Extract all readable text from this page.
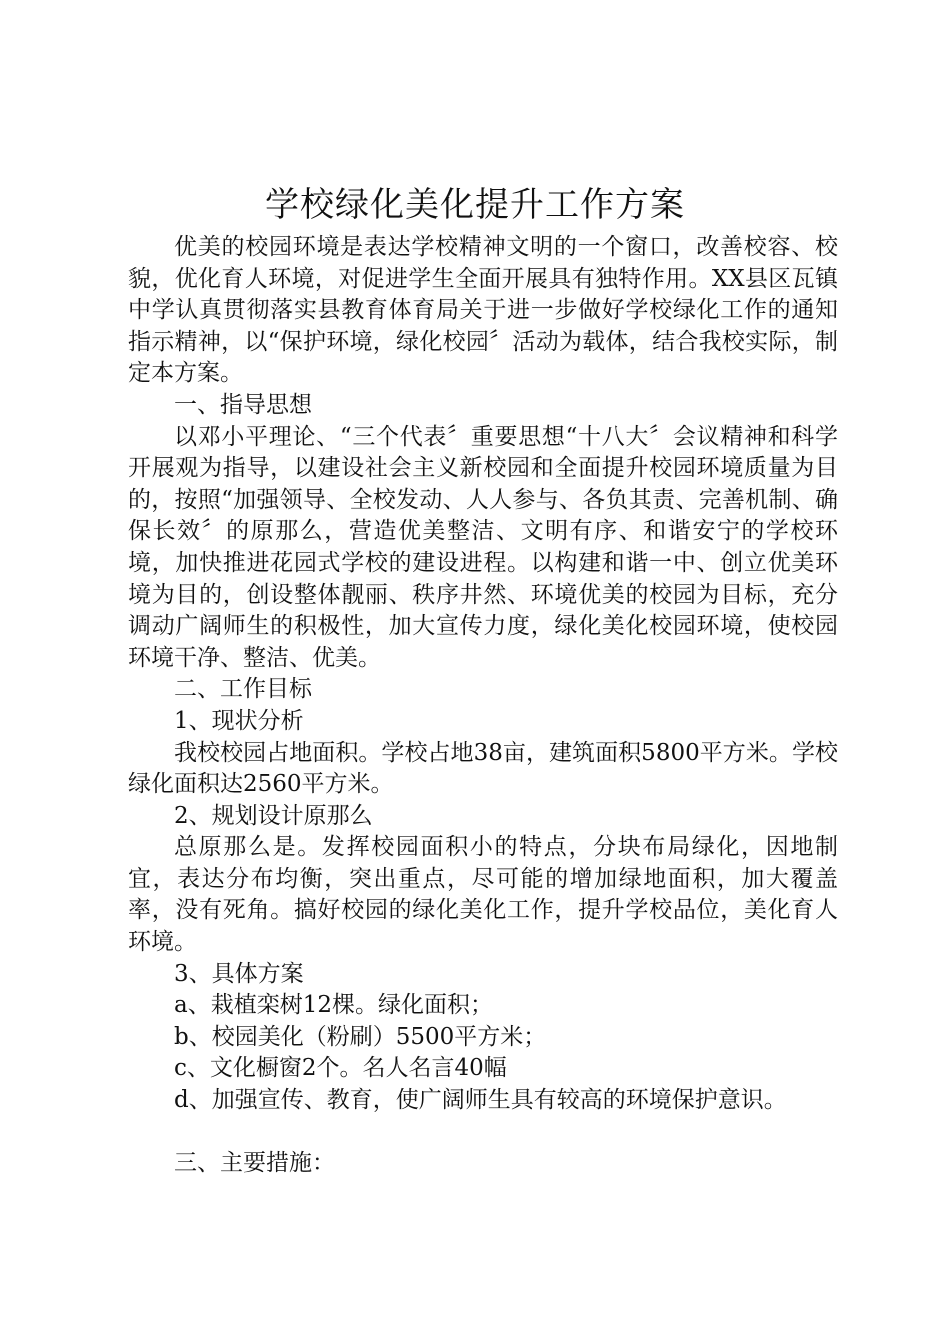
学校绿化美化提升工作方案

优美的校园环境是表达学校精神文明的一个窗口，改善校容、校貌，优化育人环境，对促进学生全面开展具有独特作用。XX县区瓦镇中学认真贯彻落实县教育体育局关于进一步做好学校绿化工作的通知指示精神，以“保护环境，绿化校园〞活动为载体，结合我校实际，制定本方案。

一、指导思想

以邓小平理论、“三个代表〞重要思想“十八大〞会议精神和科学开展观为指导，以建设社会主义新校园和全面提升校园环境质量为目的，按照“加强领导、全校发动、人人参与、各负其责、完善机制、确保长效〞的原那么，营造优美整洁、文明有序、和谐安宁的学校环境，加快推进花园式学校的建设进程。以构建和谐一中、创立优美环境为目的，创设整体靓丽、秩序井然、环境优美的校园为目标，充分调动广阔师生的积极性，加大宣传力度，绿化美化校园环境，使校园环境干净、整洁、优美。

二、工作目标

1、现状分析

我校校园占地面积。学校占地38亩，建筑面积5800平方米。学校绿化面积达2560平方米。

2、规划设计原那么

总原那么是。发挥校园面积小的特点，分块布局绿化，因地制宜，表达分布均衡，突出重点，尽可能的增加绿地面积，加大覆盖率，没有死角。搞好校园的绿化美化工作，提升学校品位，美化育人环境。

3、具体方案

a、栽植栾树12棵。绿化面积；

b、校园美化（粉刷）5500平方米；

c、文化橱窗2个。名人名言40幅

d、加强宣传、教育，使广阔师生具有较高的环境保护意识。

三、主要措施：
